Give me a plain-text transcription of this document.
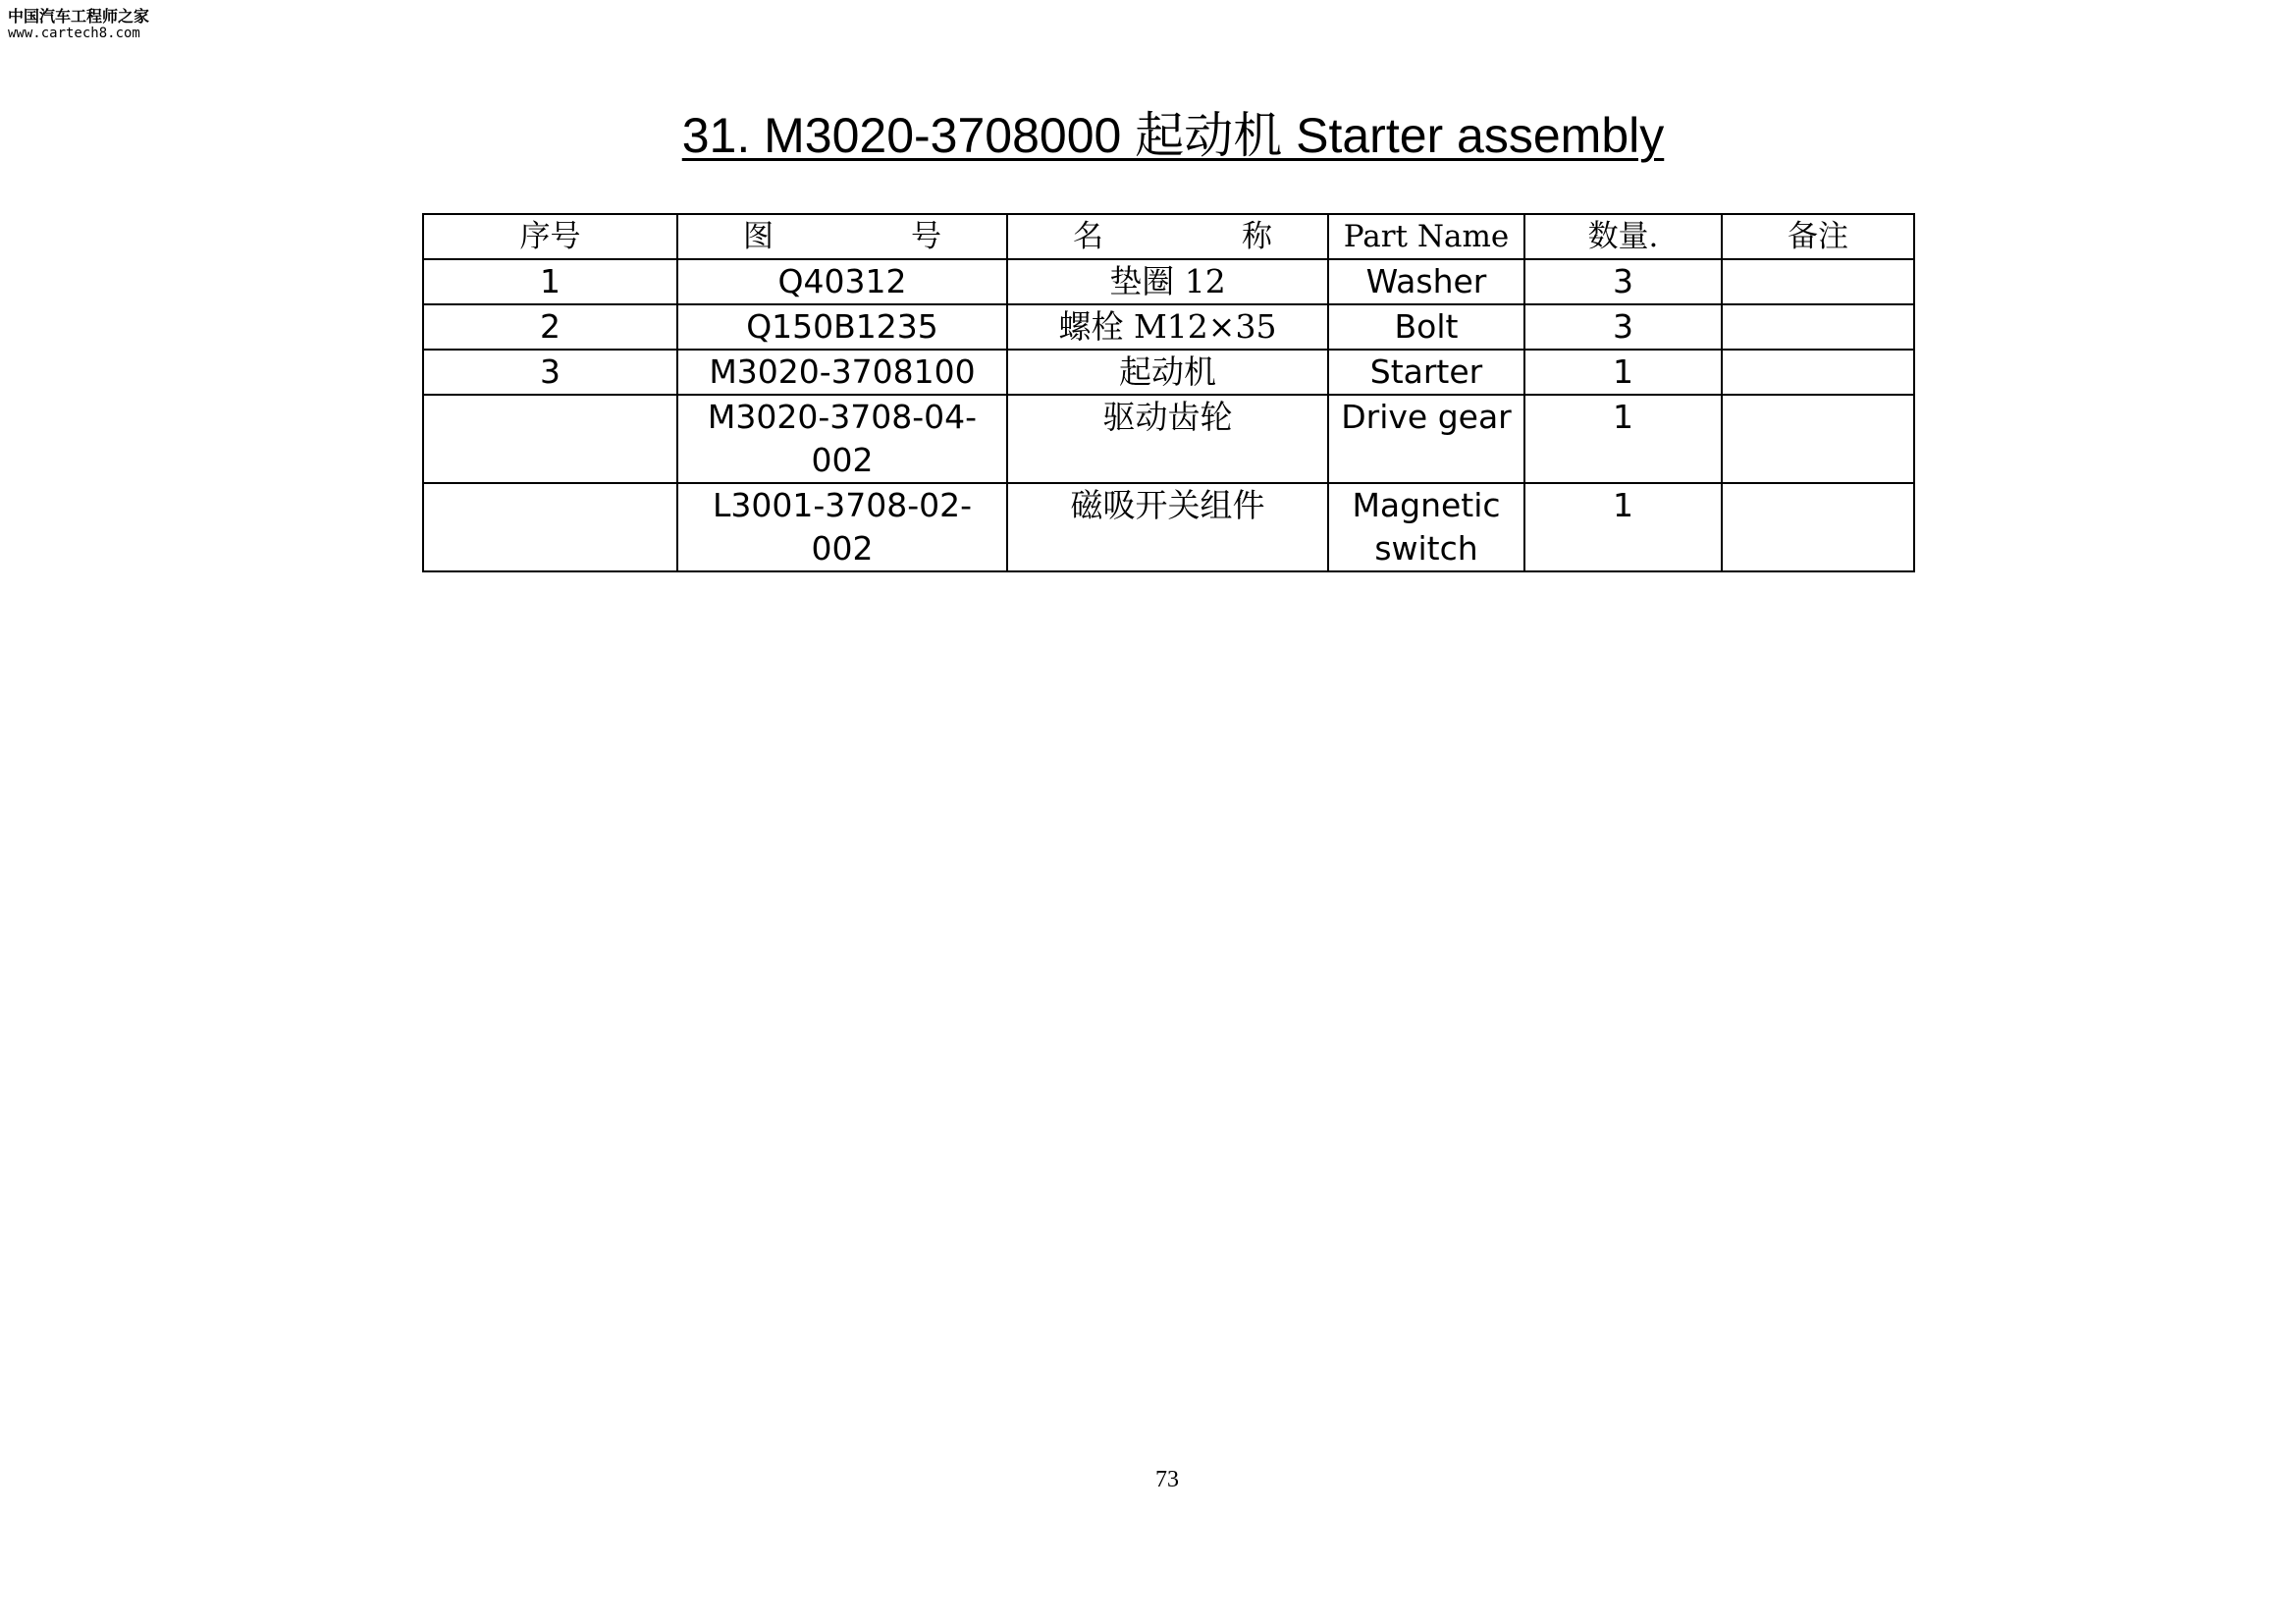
中国汽车工程师之家
www.cartech8.com
31. M3020-3708000 起动机 Starter assembly
序号	图 号	名 称	Part Name	数量.	备注
1	Q40312	垫圈 12	Washer	3	
2	Q150B1235	螺栓 M12×35	Bolt	3	
3	M3020-3708100	起动机	Starter	1	
	M3020-3708-04-002	驱动齿轮	Drive gear	1	
	L3001-3708-02-002	磁吸开关组件	Magnetic switch	1	
73
